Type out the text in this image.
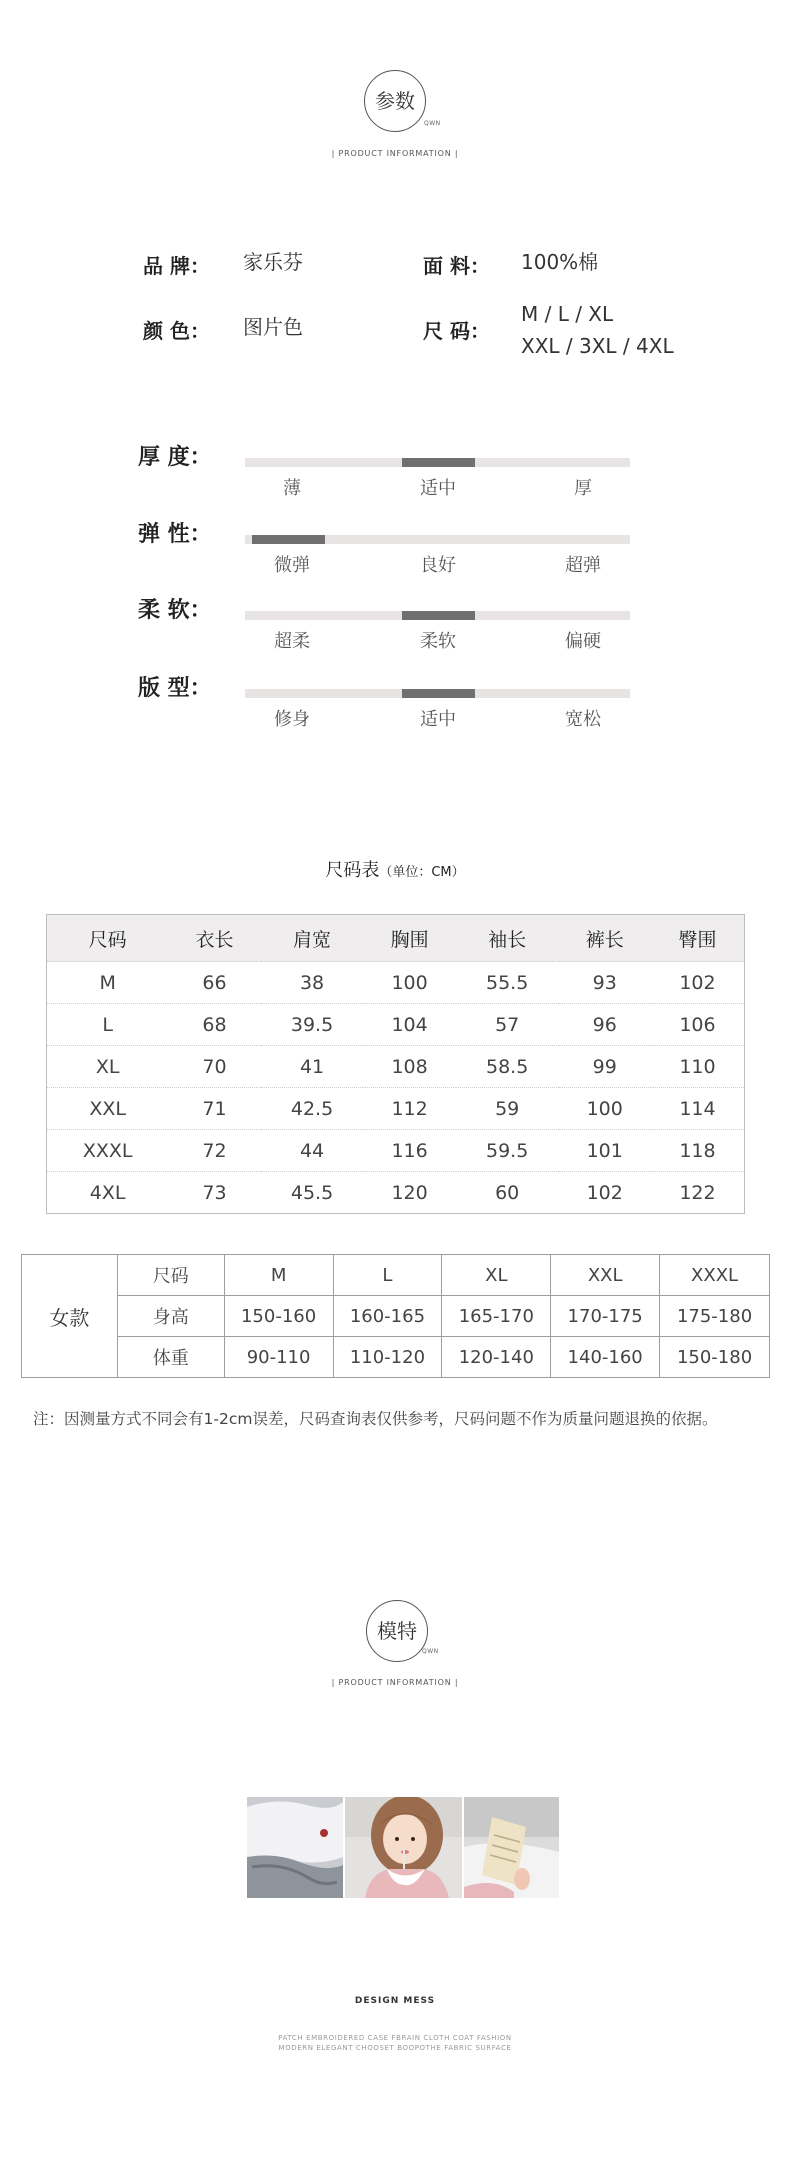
参数
QWN
| PRODUCT INFORMATION |
品 牌： 家乐芬	面 料： 100%棉
颜 色： 图片色	尺 码：
M / L / XL
XXL / 3XL / 4XL
厚 度：
薄	适中	厚
弹 性：
微弹	良好	超弹
柔 软：
超柔	柔软	偏硬
版 型：
修身	适中	宽松
尺码表（单位：CM）
尺码	衣长	肩宽	胸围	袖长	裤长	臀围
M	66	38	100	55.5	93	102
L	68	39.5	104	57	96	106
XL	70	41	108	58.5	99	110
XXL	71	42.5	112	59	100	114
XXXL	72	44	116	59.5	101	118
4XL	73	45.5	120	60	102	122
女款	尺码	M	L	XL	XXL	XXXL
	身高	150-160	160-165	165-170	170-175	175-180
	体重	90-110	110-120	120-140	140-160	150-180
注：因测量方式不同会有1-2cm误差，尺码查询表仅供参考，尺码问题不作为质量问题退换的依据。
模特
QWN
| PRODUCT INFORMATION |
DESIGN MESS
PATCH EMBROIDERED CASE FBRAIN CLOTH COAT FASHION
MODERN ELEGANT CHOOSET BOOPOTHE FABRIC SURFACE
